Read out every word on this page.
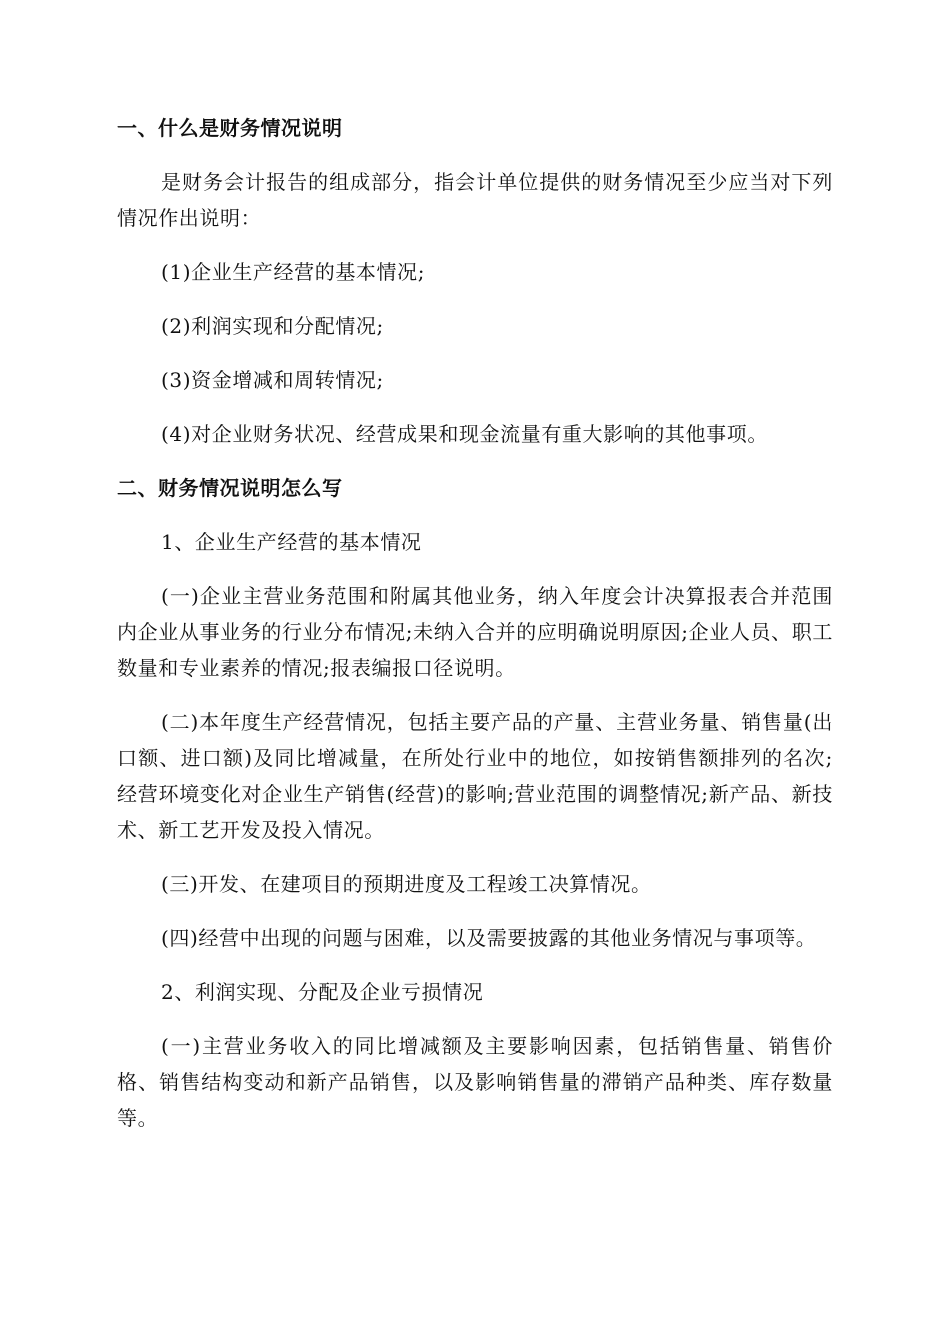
一、什么是财务情况说明
是财务会计报告的组成部分，指会计单位提供的财务情况至少应当对下列情况作出说明：
(1)企业生产经营的基本情况;
(2)利润实现和分配情况;
(3)资金增减和周转情况;
(4)对企业财务状况、经营成果和现金流量有重大影响的其他事项。
二、财务情况说明怎么写
1、企业生产经营的基本情况
(一)企业主营业务范围和附属其他业务，纳入年度会计决算报表合并范围内企业从事业务的行业分布情况;未纳入合并的应明确说明原因;企业人员、职工数量和专业素养的情况;报表编报口径说明。
(二)本年度生产经营情况，包括主要产品的产量、主营业务量、销售量(出口额、进口额)及同比增减量，在所处行业中的地位，如按销售额排列的名次;经营环境变化对企业生产销售(经营)的影响;营业范围的调整情况;新产品、新技术、新工艺开发及投入情况。
(三)开发、在建项目的预期进度及工程竣工决算情况。
(四)经营中出现的问题与困难，以及需要披露的其他业务情况与事项等。
2、利润实现、分配及企业亏损情况
(一)主营业务收入的同比增减额及主要影响因素，包括销售量、销售价格、销售结构变动和新产品销售，以及影响销售量的滞销产品种类、库存数量等。
